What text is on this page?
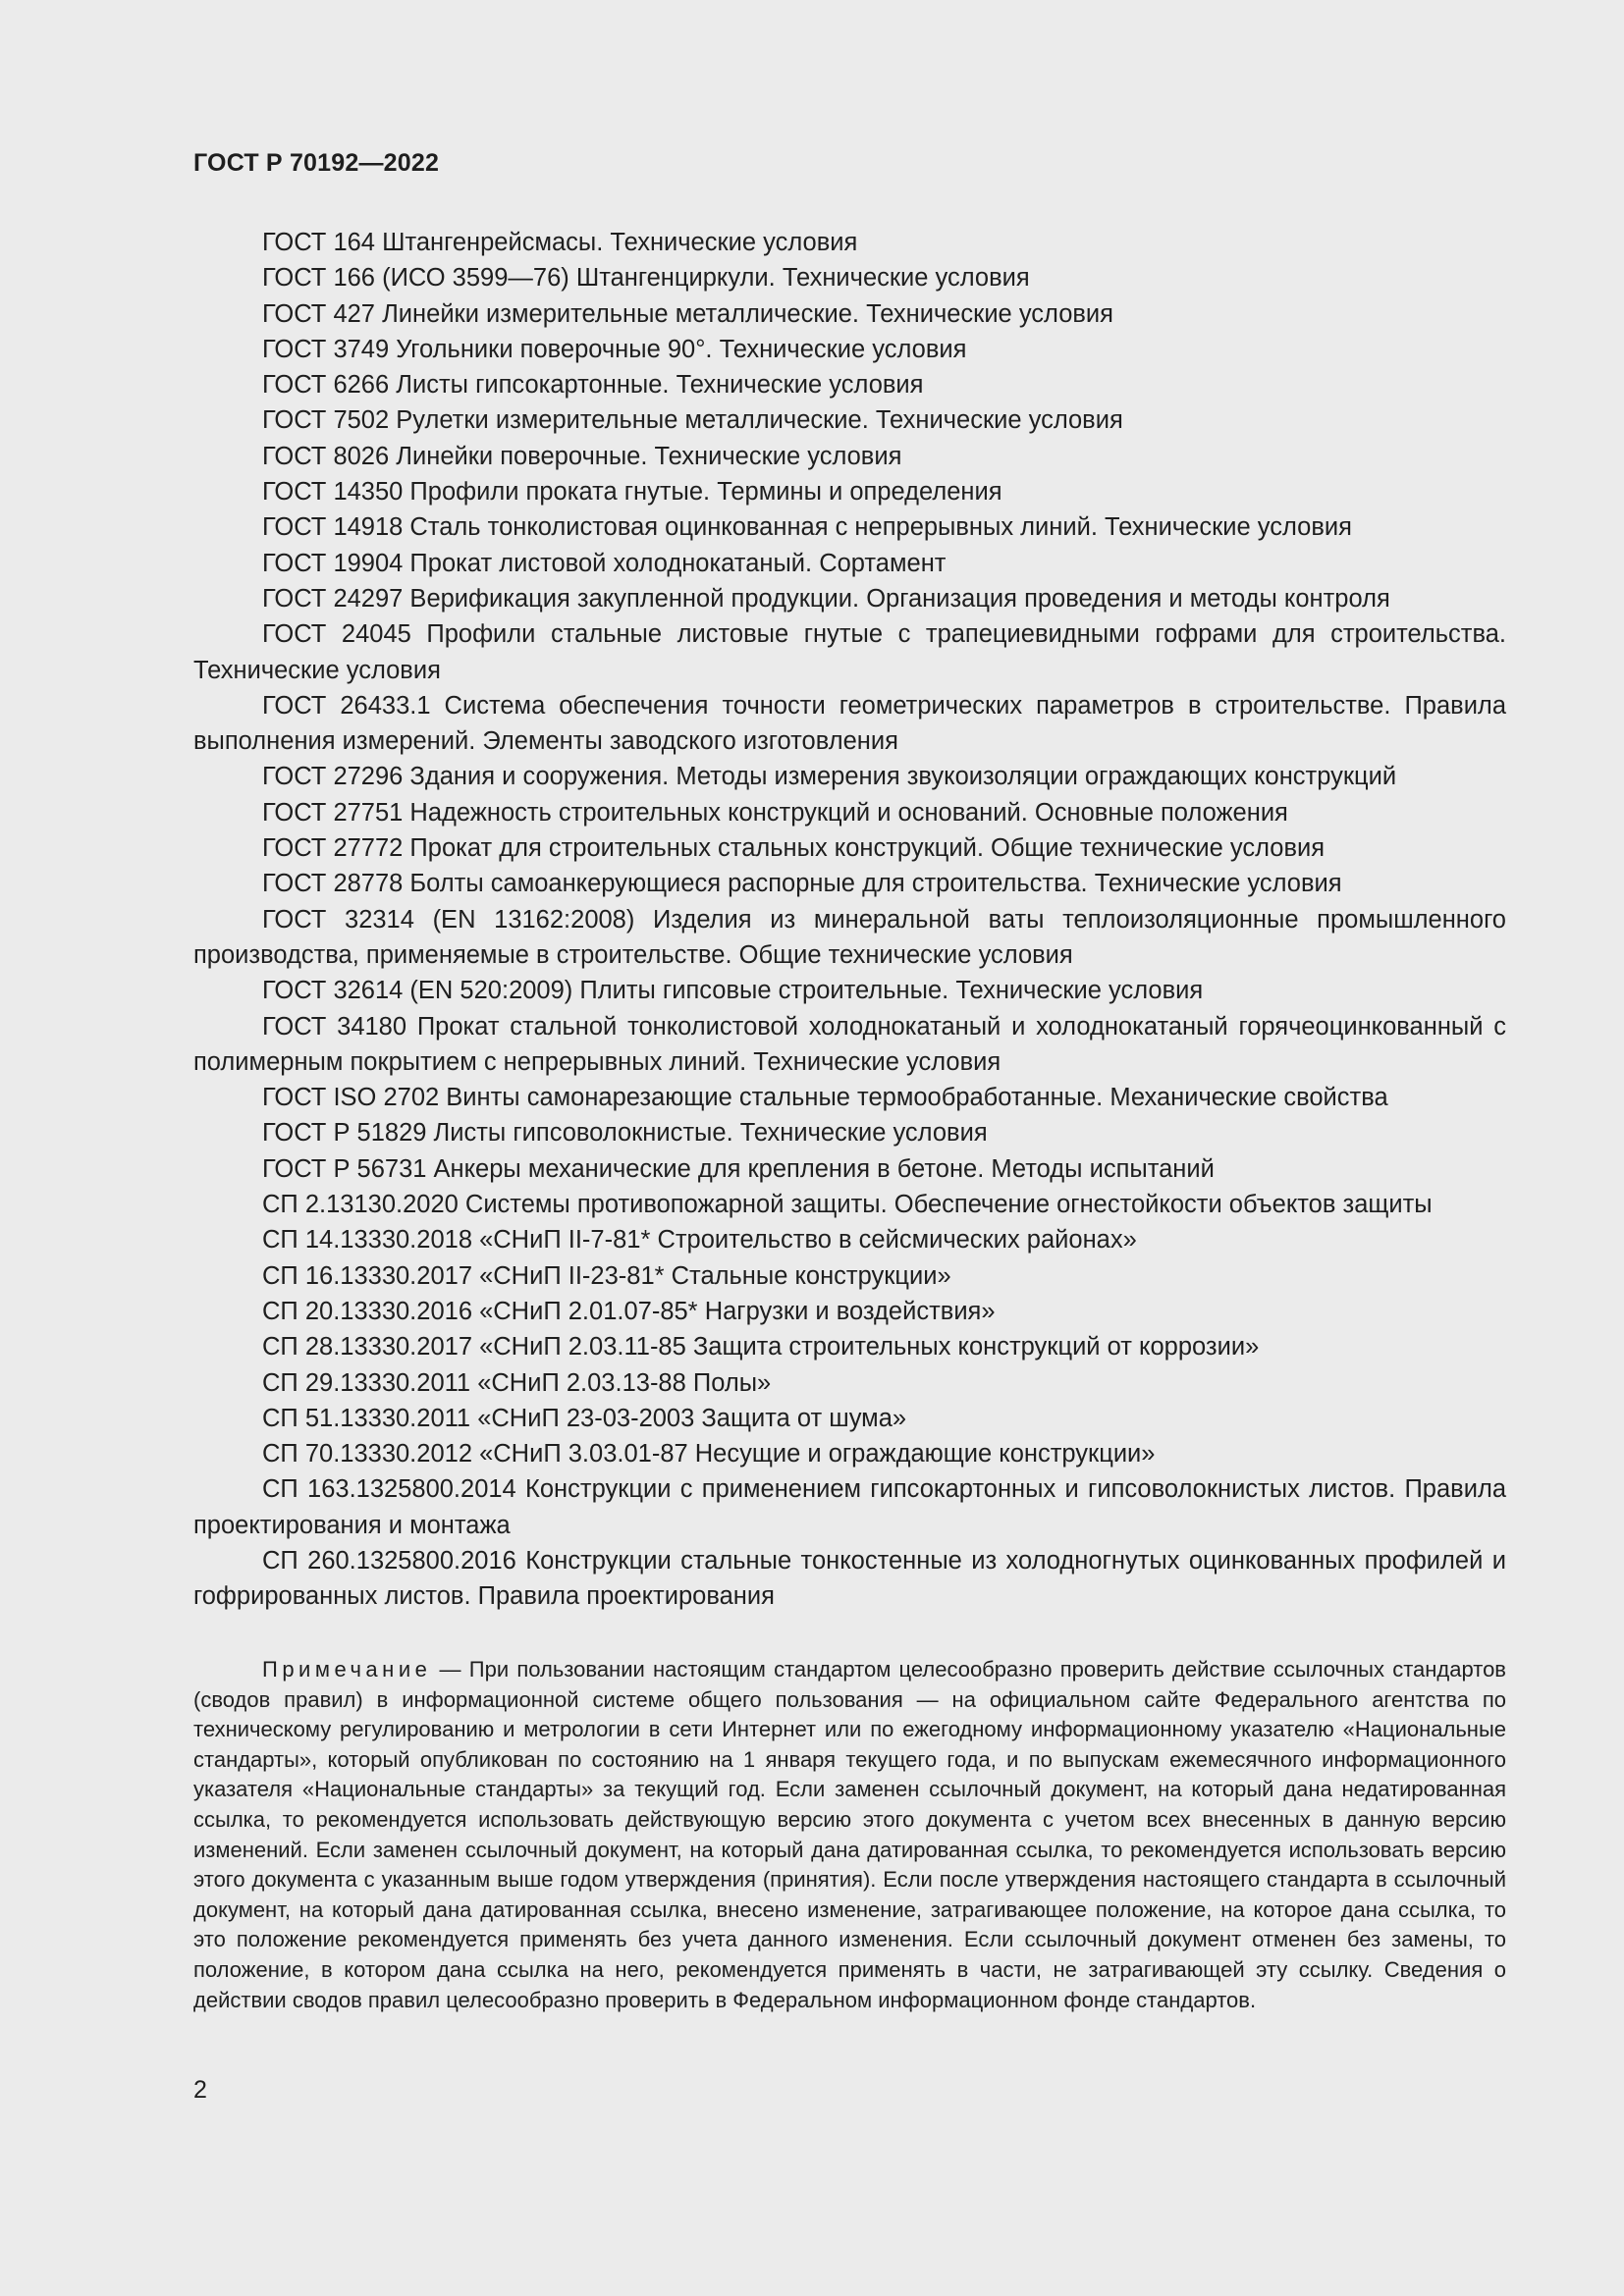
ГОСТ Р 70192—2022

ГОСТ 164 Штангенрейсмасы. Технические условия

ГОСТ 166 (ИСО 3599—76) Штангенциркули. Технические условия

ГОСТ 427 Линейки измерительные металлические. Технические условия

ГОСТ 3749 Угольники поверочные 90°. Технические условия

ГОСТ 6266 Листы гипсокартонные. Технические условия

ГОСТ 7502 Рулетки измерительные металлические. Технические условия

ГОСТ 8026 Линейки поверочные. Технические условия

ГОСТ 14350 Профили проката гнутые. Термины и определения

ГОСТ 14918 Сталь тонколистовая оцинкованная с непрерывных линий. Технические условия

ГОСТ 19904 Прокат листовой холоднокатаный. Сортамент

ГОСТ 24297 Верификация закупленной продукции. Организация проведения и методы контроля

ГОСТ 24045 Профили стальные листовые гнутые с трапециевидными гофрами для строительства. Технические условия

ГОСТ 26433.1 Система обеспечения точности геометрических параметров в строительстве. Правила выполнения измерений. Элементы заводского изготовления

ГОСТ 27296 Здания и сооружения. Методы измерения звукоизоляции ограждающих конструкций

ГОСТ 27751 Надежность строительных конструкций и оснований. Основные положения

ГОСТ 27772 Прокат для строительных стальных конструкций. Общие технические условия

ГОСТ 28778 Болты самоанкерующиеся распорные для строительства. Технические условия

ГОСТ 32314 (EN 13162:2008) Изделия из минеральной ваты теплоизоляционные промышленного производства, применяемые в строительстве. Общие технические условия

ГОСТ 32614 (EN 520:2009) Плиты гипсовые строительные. Технические условия

ГОСТ 34180 Прокат стальной тонколистовой холоднокатаный и холоднокатаный горячеоцинкованный с полимерным покрытием с непрерывных линий. Технические условия

ГОСТ ISO 2702 Винты самонарезающие стальные термообработанные. Механические свойства

ГОСТ Р 51829 Листы гипсоволокнистые. Технические условия

ГОСТ Р 56731 Анкеры механические для крепления в бетоне. Методы испытаний

СП 2.13130.2020 Системы противопожарной защиты. Обеспечение огнестойкости объектов защиты

СП 14.13330.2018 «СНиП II-7-81* Строительство в сейсмических районах»

СП 16.13330.2017 «СНиП II-23-81* Стальные конструкции»

СП 20.13330.2016 «СНиП 2.01.07-85* Нагрузки и воздействия»

СП 28.13330.2017 «СНиП 2.03.11-85 Защита строительных конструкций от коррозии»

СП 29.13330.2011 «СНиП 2.03.13-88 Полы»

СП 51.13330.2011 «СНиП 23-03-2003 Защита от шума»

СП 70.13330.2012 «СНиП 3.03.01-87 Несущие и ограждающие конструкции»

СП 163.1325800.2014 Конструкции с применением гипсокартонных и гипсоволокнистых листов. Правила проектирования и монтажа

СП 260.1325800.2016 Конструкции стальные тонкостенные из холодногнутых оцинкованных профилей и гофрированных листов. Правила проектирования

Примечание — При пользовании настоящим стандартом целесообразно проверить действие ссылочных стандартов (сводов правил) в информационной системе общего пользования — на официальном сайте Федерального агентства по техническому регулированию и метрологии в сети Интернет или по ежегодному информационному указателю «Национальные стандарты», который опубликован по состоянию на 1 января текущего года, и по выпускам ежемесячного информационного указателя «Национальные стандарты» за текущий год. Если заменен ссылочный документ, на который дана недатированная ссылка, то рекомендуется использовать действующую версию этого документа с учетом всех внесенных в данную версию изменений. Если заменен ссылочный документ, на который дана датированная ссылка, то рекомендуется использовать версию этого документа с указанным выше годом утверждения (принятия). Если после утверждения настоящего стандарта в ссылочный документ, на который дана датированная ссылка, внесено изменение, затрагивающее положение, на которое дана ссылка, то это положение рекомендуется применять без учета данного изменения. Если ссылочный документ отменен без замены, то положение, в котором дана ссылка на него, рекомендуется применять в части, не затрагивающей эту ссылку. Сведения о действии сводов правил целесообразно проверить в Федеральном информационном фонде стандартов.

2
